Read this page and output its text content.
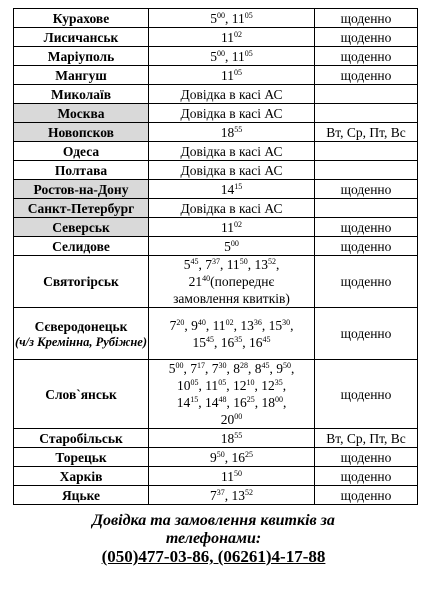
Курахове	$5^{00}$, $11^{05}$	щоденно
Лисичанськ	$11^{02}$	щоденно
Маріуполь	$5^{00}$, $11^{05}$	щоденно
Мангуш	$11^{05}$	щоденно
Миколаїв	Довідка в касі АС	
Москва	Довідка в касі АС	
Новопсков	$18^{55}$	Вт, Ср, Пт, Вс
Одеса	Довідка в касі АС	
Полтава	Довідка в касі АС	
Ростов-на-Дону	$14^{15}$	щоденно
Санкт-Петербург	Довідка в касі АС	
Северськ	$11^{02}$	щоденно
Селидове	$5^{00}$	щоденно
Святогірськ	$5^{45}$, $7^{37}$, $11^{50}$, $13^{52}$,
$21^{40}(попереднє$
замовлення квитків)	щоденно
Сєверодонецьк
(ч/з Кремінна, Рубіжне)	$7^{20}$, $9^{40}$, $11^{02}$, $13^{36}$, $15^{30}$,
$15^{45}$, $16^{35}$, $16^{45}$	щоденно
Слов`янськ	$5^{00}$, $7^{17}$, $7^{30}$, $8^{28}$, $8^{45}$, $9^{50}$,
$10^{05}$, $11^{05}$, $12^{10}$, $12^{35}$,
$14^{15}$, $14^{48}$, $16^{25}$, $18^{00}$,
$20^{00}$	щоденно
Старобільськ	$18^{55}$	Вт, Ср, Пт, Вс
Торецьк	$9^{50}$, $16^{25}$	щоденно
Харків	$11^{50}$	щоденно
Яцьке	$7^{37}$, $13^{52}$	щоденно
Довідка та замовлення квитків за
телефонами:
(050)477-03-86, (06261)4-17-88
